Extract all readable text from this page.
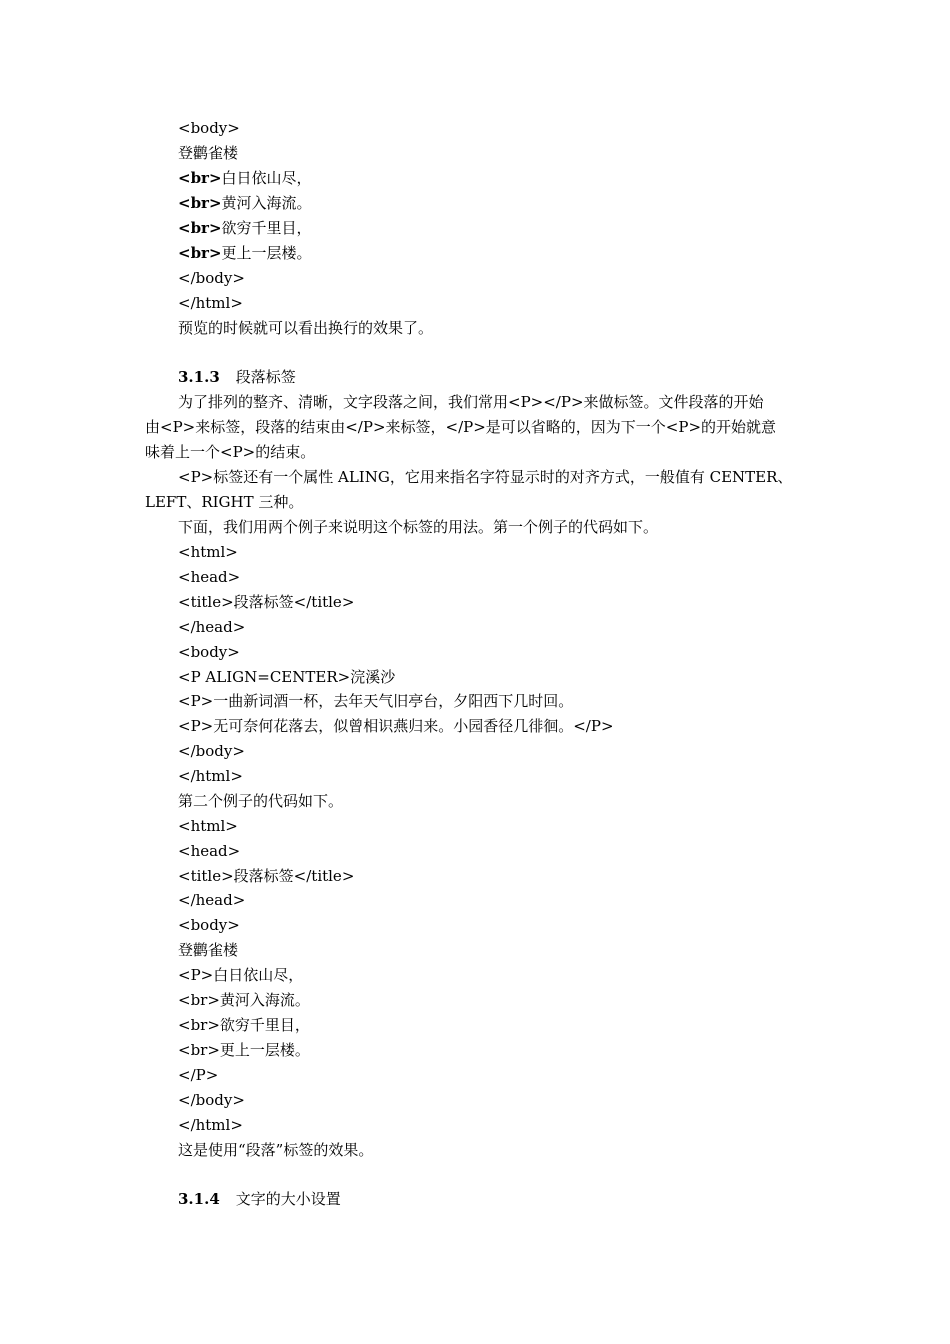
<body>
登鹳雀楼
<br>白日依山尽，
<br>黄河入海流。
<br>欲穷千里目，
<br>更上一层楼。
</body>
</html>
预览的时候就可以看出换行的效果了。
3.1.3 段落标签
为了排列的整齐、清晰，文字段落之间，我们常用<P></P>来做标签。文件段落的开始
由<P>来标签，段落的结束由</P>来标签，</P>是可以省略的，因为下一个<P>的开始就意
味着上一个<P>的结束。
<P>标签还有一个属性 ALING，它用来指名字符显示时的对齐方式，一般值有 CENTER、
LEFT、RIGHT 三种。
下面，我们用两个例子来说明这个标签的用法。第一个例子的代码如下。
<html>
<head>
<title>段落标签</title>
</head>
<body>
<P ALIGN=CENTER>浣溪沙
<P>一曲新词酒一杯，去年天气旧亭台，夕阳西下几时回。
<P>无可奈何花落去，似曾相识燕归来。小园香径几徘徊。</P>
</body>
</html>
第二个例子的代码如下。
<html>
<head>
<title>段落标签</title>
</head>
<body>
登鹳雀楼
<P>白日依山尽，
<br>黄河入海流。
<br>欲穷千里目，
<br>更上一层楼。
</P>
</body>
</html>
这是使用“段落”标签的效果。
3.1.4 文字的大小设置
